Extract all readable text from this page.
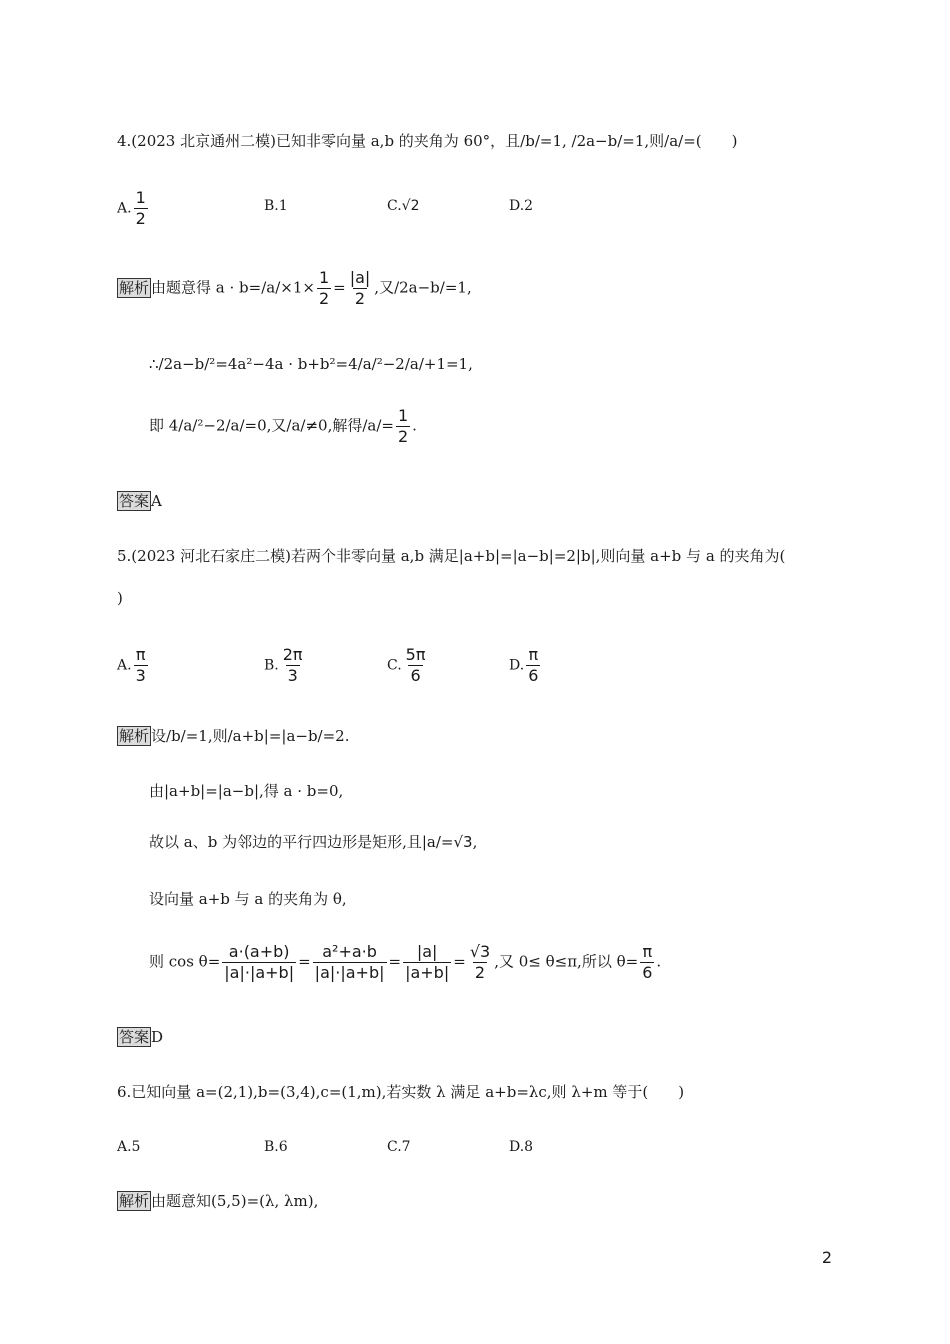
4.(2023 北京通州二模)已知非零向量 a,b 的夹角为 60°，且/b/=1, /2a−b/=1,则/a/=(　　)
A. $\frac{1}{2}$	B.1	C.√2	D.2
解析 由题意得 $a \cdot b=/a/\times 1\times \frac{1}{2} = \frac{|a|}{2}$ ,又/2a−b/=1,
∴/2a−b/²=4a²−4a · b+b²=4/a/²−2/a/+1=1,
即 4/a/²−2/a/=0,又/a/≠0,解得$/a/= \frac{1}{2}$ .
答案 A
5.(2023 河北石家庄二模)若两个非零向量 a,b 满足|a+b|=|a−b|=2|b|,则向量 a+b 与 a 的夹角为(
)
A. $\frac{\pi}{3}$	B. $\frac{2\pi}{3}$	C. $\frac{5\pi}{6}$	D. $\frac{\pi}{6}$
解析 设/b/=1,则/a+b|=|a−b/=2.
由|a+b|=|a−b|,得 a · b=0,
故以 a、b 为邻边的平行四边形是矩形,且|a/=√3,
设向量 a+b 与 a 的夹角为 θ,
则 $\cos \theta= \frac{a\cdot(a+b)}{|a|\cdot|a+b|} = \frac{\text{a²+a·b}}{|a|\cdot|a+b|} = \frac{|a|}{|a+b|} = \frac{√3}{2}$ ,又 0≤ θ≤π,所以 $\theta= \frac{\pi}{6}$ .
答案 D
6.已知向量 a=(2,1),b=(3,4),c=(1,m),若实数 λ 满足 a+b=λc,则 λ+m 等于(　　)
A.5	B.6	C.7	D.8
解析 由题意知(5,5)=(λ, λm),
2
